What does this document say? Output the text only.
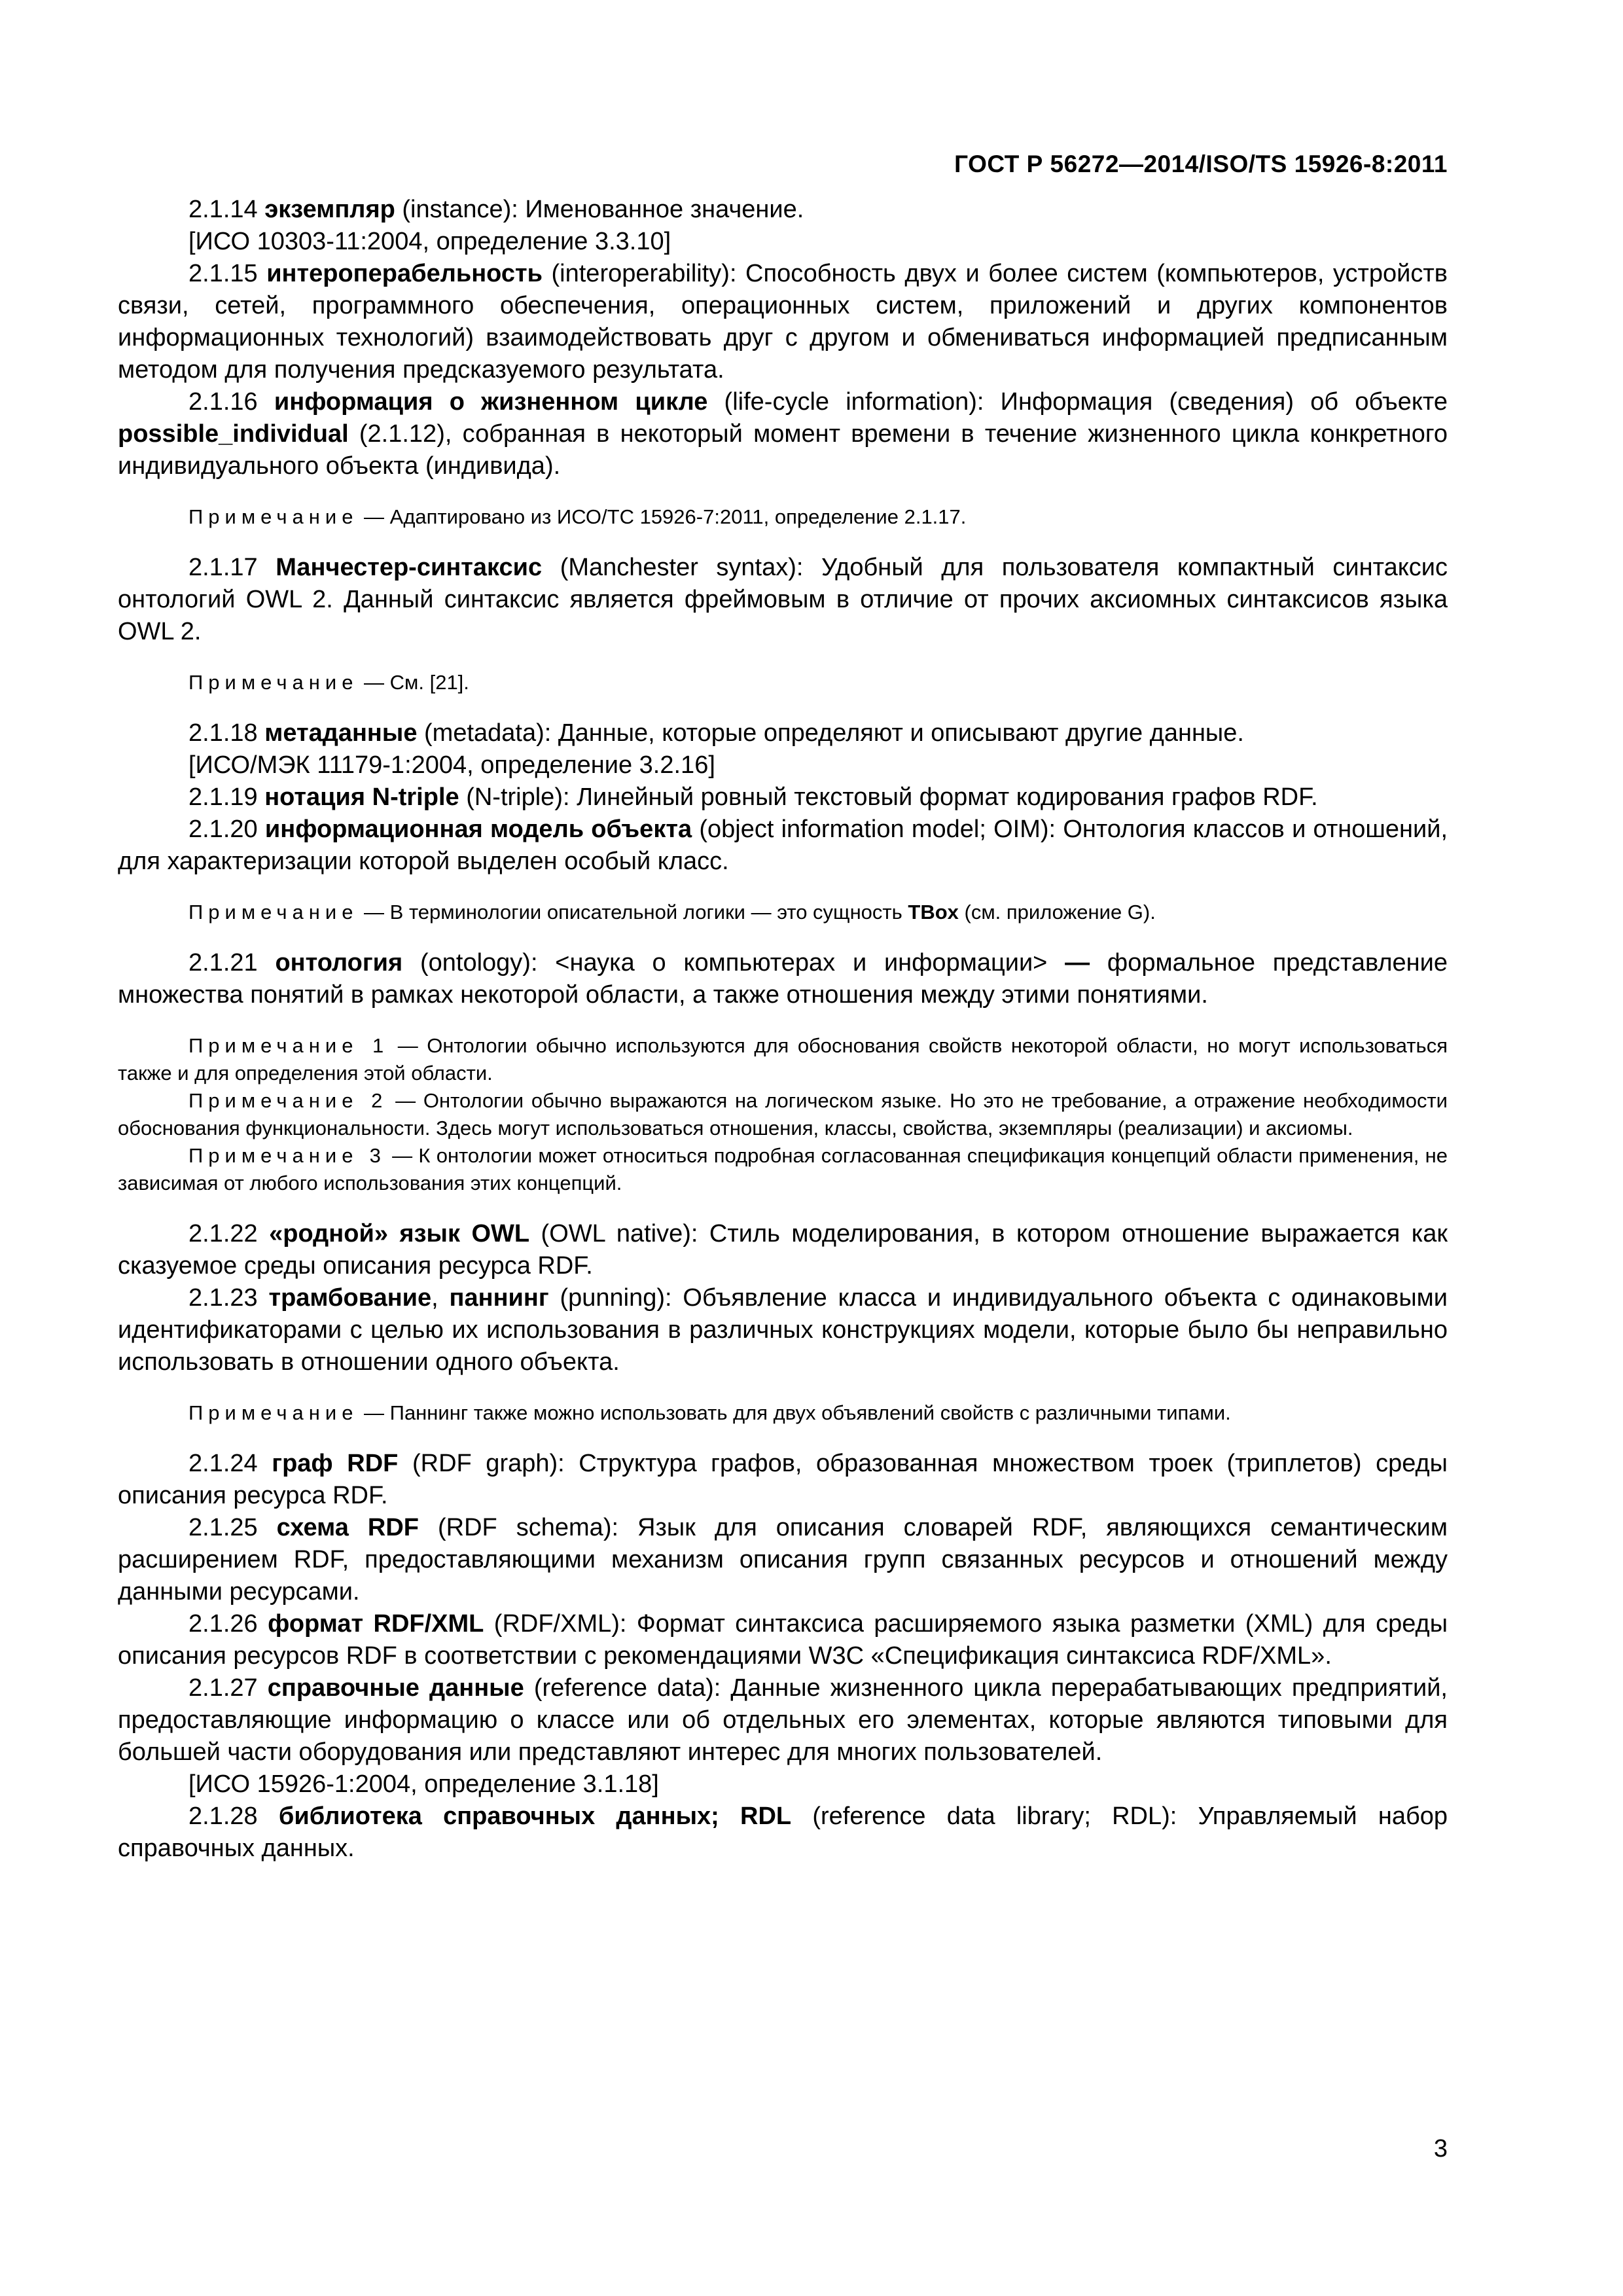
ГОСТ Р 56272—2014/ISO/TS 15926-8:2011

2.1.14 экземпляр (instance): Именованное значение.

[ИСО 10303-11:2004, определение 3.3.10]

2.1.15 интероперабельность (interoperability): Способность двух и более систем (компьютеров, устройств связи, сетей, программного обеспечения, операционных систем, приложений и других компонентов информационных технологий) взаимодействовать друг с другом и обмениваться информацией предписанным методом для получения предсказуемого результата.

2.1.16 информация о жизненном цикле (life-cycle information): Информация (сведения) об объекте possible_individual (2.1.12), собранная в некоторый момент времени в течение жизненного цикла конкретного индивидуального объекта (индивида).

Примечание — Адаптировано из ИСО/ТС 15926-7:2011, определение 2.1.17.

2.1.17 Манчестер-синтаксис (Manchester syntax): Удобный для пользователя компактный синтаксис онтологий OWL 2. Данный синтаксис является фреймовым в отличие от прочих аксиомных синтаксисов языка OWL 2.

Примечание — См. [21].

2.1.18 метаданные (metadata): Данные, которые определяют и описывают другие данные.

[ИСО/МЭК 11179-1:2004, определение 3.2.16]

2.1.19 нотация N-triple (N-triple): Линейный ровный текстовый формат кодирования графов RDF.

2.1.20 информационная модель объекта (object information model; OIM): Онтология классов и отношений, для характеризации которой выделен особый класс.

Примечание — В терминологии описательной логики — это сущность TBox (см. приложение G).

2.1.21 онтология (ontology): <наука о компьютерах и информации> — формальное представление множества понятий в рамках некоторой области, а также отношения между этими понятиями.

Примечание 1 — Онтологии обычно используются для обоснования свойств некоторой области, но могут использоваться также и для определения этой области.

Примечание 2 — Онтологии обычно выражаются на логическом языке. Но это не требование, а отражение необходимости обоснования функциональности. Здесь могут использоваться отношения, классы, свойства, экземпляры (реализации) и аксиомы.

Примечание 3 — К онтологии может относиться подробная согласованная спецификация концепций области применения, не зависимая от любого использования этих концепций.

2.1.22 «родной» язык OWL (OWL native): Стиль моделирования, в котором отношение выражается как сказуемое среды описания ресурса RDF.

2.1.23 трамбование, паннинг (punning): Объявление класса и индивидуального объекта с одинаковыми идентификаторами с целью их использования в различных конструкциях модели, которые было бы неправильно использовать в отношении одного объекта.

Примечание — Паннинг также можно использовать для двух объявлений свойств с различными типами.

2.1.24 граф RDF (RDF graph): Структура графов, образованная множеством троек (триплетов) среды описания ресурса RDF.

2.1.25 схема RDF (RDF schema): Язык для описания словарей RDF, являющихся семантическим расширением RDF, предоставляющими механизм описания групп связанных ресурсов и отношений между данными ресурсами.

2.1.26 формат RDF/XML (RDF/XML): Формат синтаксиса расширяемого языка разметки (XML) для среды описания ресурсов RDF в соответствии с рекомендациями W3C «Спецификация синтаксиса RDF/XML».

2.1.27 справочные данные (reference data): Данные жизненного цикла перерабатывающих предприятий, предоставляющие информацию о классе или об отдельных его элементах, которые являются типовыми для большей части оборудования или представляют интерес для многих пользователей.

[ИСО 15926-1:2004, определение 3.1.18]

2.1.28 библиотека справочных данных; RDL (reference data library; RDL): Управляемый набор справочных данных.

3
